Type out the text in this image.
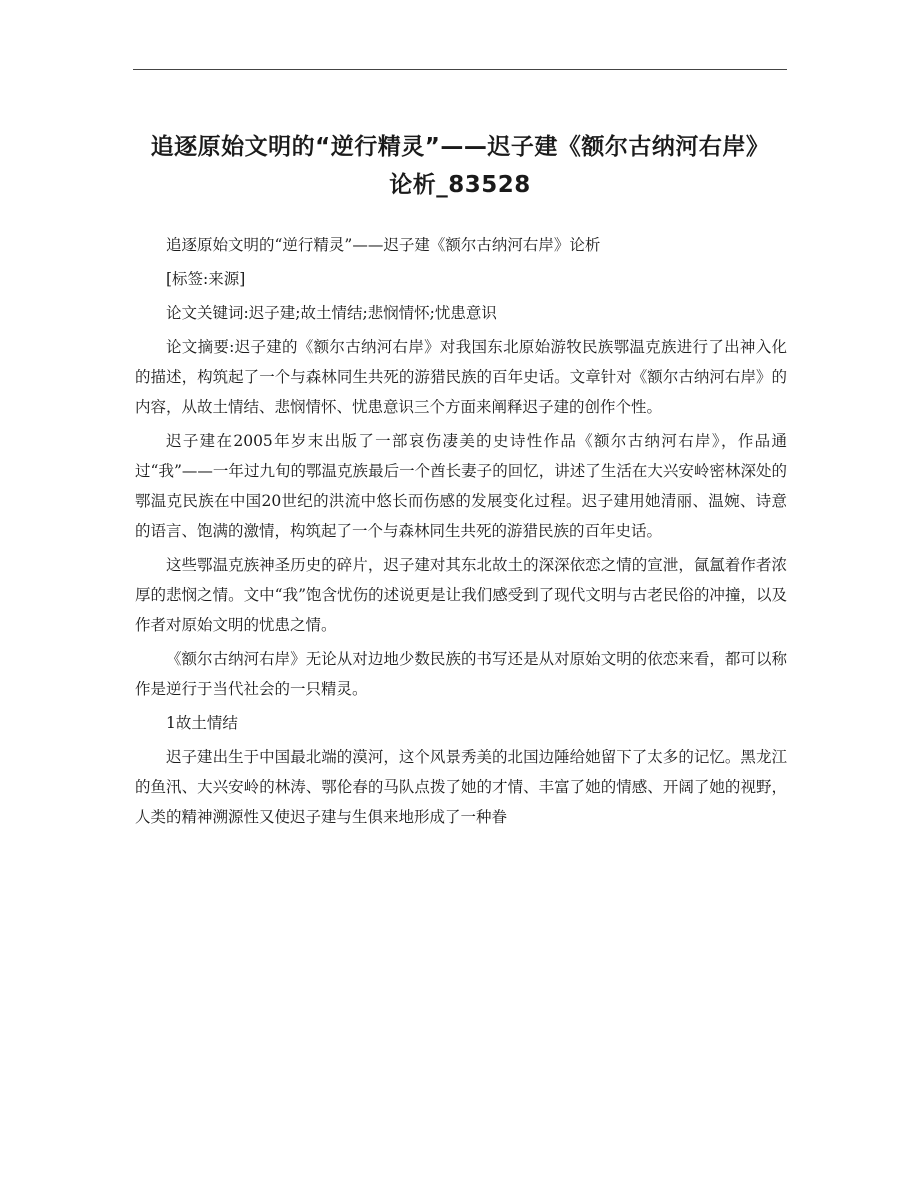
追逐原始文明的“逆行精灵”——迟子建《额尔古纳河右岸》论析_83528

追逐原始文明的“逆行精灵”——迟子建《额尔古纳河右岸》论析

[标签:来源]

论文关键词:迟子建;故土情结;悲悯情怀;忧患意识

论文摘要:迟子建的《额尔古纳河右岸》对我国东北原始游牧民族鄂温克族进行了出神入化的描述，构筑起了一个与森林同生共死的游猎民族的百年史话。文章针对《额尔古纳河右岸》的内容，从故土情结、悲悯情怀、忧患意识三个方面来阐释迟子建的创作个性。

迟子建在2005年岁末出版了一部哀伤凄美的史诗性作品《额尔古纳河右岸》，作品通过“我”——一年过九旬的鄂温克族最后一个酋长妻子的回忆，讲述了生活在大兴安岭密林深处的鄂温克民族在中国20世纪的洪流中悠长而伤感的发展变化过程。迟子建用她清丽、温婉、诗意的语言、饱满的激情，构筑起了一个与森林同生共死的游猎民族的百年史话。

这些鄂温克族神圣历史的碎片，迟子建对其东北故土的深深依恋之情的宣泄，氤氲着作者浓厚的悲悯之情。文中“我”饱含忧伤的述说更是让我们感受到了现代文明与古老民俗的冲撞，以及作者对原始文明的忧患之情。

《额尔古纳河右岸》无论从对边地少数民族的书写还是从对原始文明的依恋来看，都可以称作是逆行于当代社会的一只精灵。

1故土情结

迟子建出生于中国最北端的漠河，这个风景秀美的北国边陲给她留下了太多的记忆。黑龙江的鱼汛、大兴安岭的林涛、鄂伦春的马队点拨了她的才情、丰富了她的情感、开阔了她的视野，人类的精神溯源性又使迟子建与生俱来地形成了一种眷
